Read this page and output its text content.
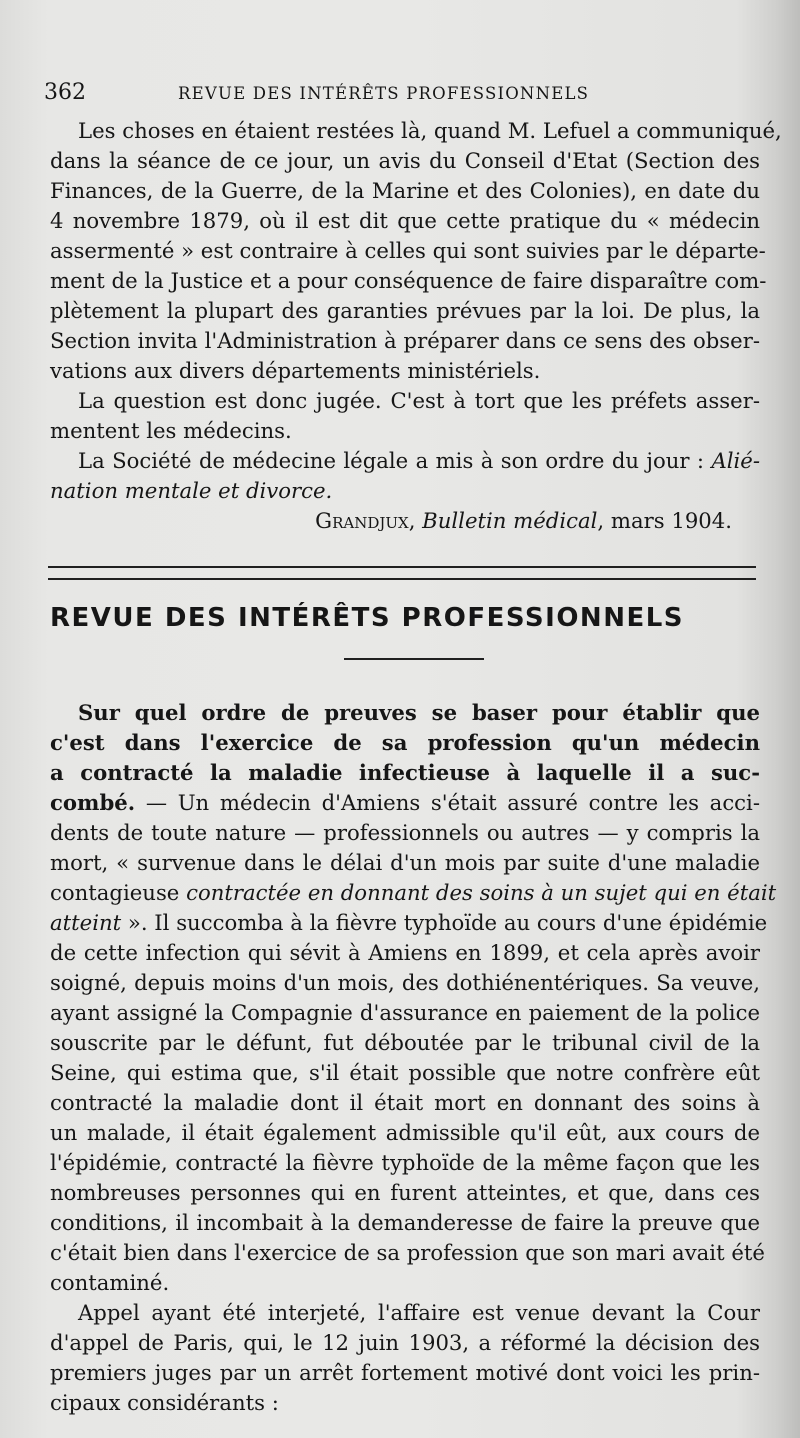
362	REVUE DES INTÉRÊTS PROFESSIONNELS
Les choses en étaient restées là, quand M. Lefuel a communiqué,
dans la séance de ce jour, un avis du Conseil d'Etat (Section des
Finances, de la Guerre, de la Marine et des Colonies), en date du
4 novembre 1879, où il est dit que cette pratique du « médecin
assermenté » est contraire à celles qui sont suivies par le départe-
ment de la Justice et a pour conséquence de faire disparaître com-
plètement la plupart des garanties prévues par la loi. De plus, la
Section invita l'Administration à préparer dans ce sens des obser-
vations aux divers départements ministériels.
La question est donc jugée. C'est à tort que les préfets asser-
mentent les médecins.
La Société de médecine légale a mis à son ordre du jour : Alié-
nation mentale et divorce.
Grandjux, Bulletin médical, mars 1904.
REVUE DES INTÉRÊTS PROFESSIONNELS
Sur quel ordre de preuves se baser pour établir que
c'est dans l'exercice de sa profession qu'un médecin
a contracté la maladie infectieuse à laquelle il a suc-
combé. — Un médecin d'Amiens s'était assuré contre les acci-
dents de toute nature — professionnels ou autres — y compris la
mort, « survenue dans le délai d'un mois par suite d'une maladie
contagieuse contractée en donnant des soins à un sujet qui en était
atteint ». Il succomba à la fièvre typhoïde au cours d'une épidémie
de cette infection qui sévit à Amiens en 1899, et cela après avoir
soigné, depuis moins d'un mois, des dothiénentériques. Sa veuve,
ayant assigné la Compagnie d'assurance en paiement de la police
souscrite par le défunt, fut déboutée par le tribunal civil de la
Seine, qui estima que, s'il était possible que notre confrère eût
contracté la maladie dont il était mort en donnant des soins à
un malade, il était également admissible qu'il eût, aux cours de
l'épidémie, contracté la fièvre typhoïde de la même façon que les
nombreuses personnes qui en furent atteintes, et que, dans ces
conditions, il incombait à la demanderesse de faire la preuve que
c'était bien dans l'exercice de sa profession que son mari avait été
contaminé.
Appel ayant été interjeté, l'affaire est venue devant la Cour
d'appel de Paris, qui, le 12 juin 1903, a réformé la décision des
premiers juges par un arrêt fortement motivé dont voici les prin-
cipaux considérants :
